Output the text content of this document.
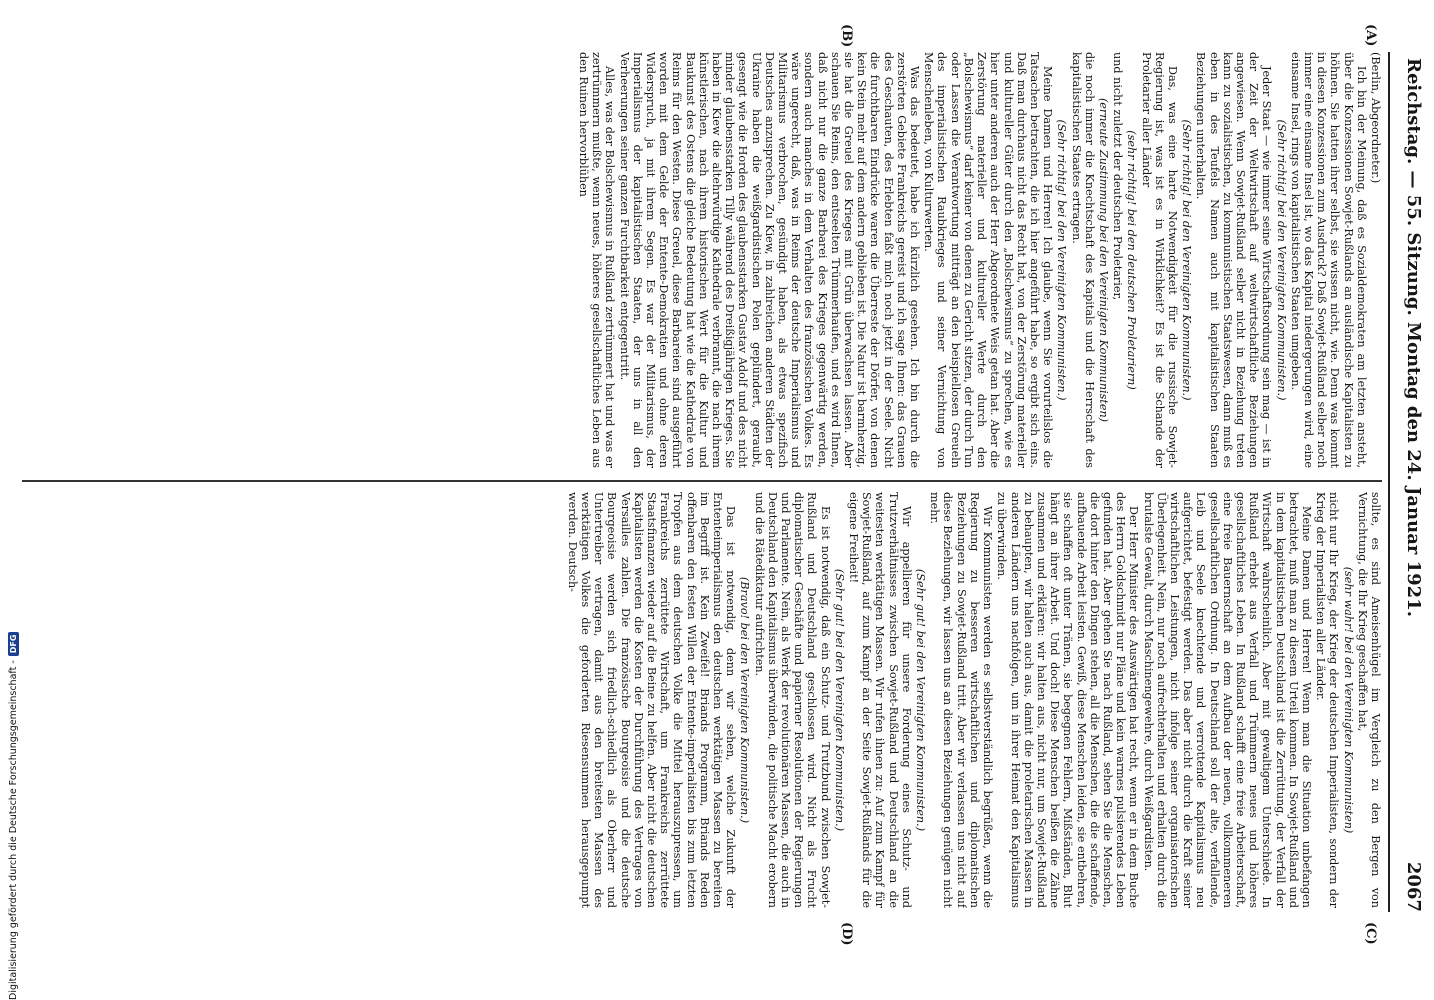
Reichstag. — 55. Sitzung. Montag den 24. Januar 1921.
2067
(A)
(B)
(C)
(D)

(Berlin, Abgeordneter.)

Ich bin der Meinung, daß es Sozialdemokraten am letzten ansteht, über die Konzessionen Sowjet-Rußlands an ausländische Kapitalisten zu höhnen. Sie hatten ihrer selbst, sie wissen nicht, wie. Denn was kommt in diesen Konzessionen zum Ausdruck? Daß Sowjet-Rußland selber noch immer eine einsame Insel ist, wo das Kapital niedergerungen wird, eine einsame Insel, rings von kapitalistischen Staaten umgeben.

(Sehr richtig! bei den Vereinigten Kommunisten.)

Jeder Staat — wie immer seine Wirtschaftsordnung sein mag — ist in der Zeit der Weltwirtschaft auf weltwirtschaftliche Beziehungen angewiesen. Wenn Sowjet-Rußland selber nicht in Beziehung treten kann zu sozialistischen, zu kommunistischen Staatswesen, dann muß es eben in des Teufels Namen auch mit kapitalistischen Staaten Beziehungen unterhalten.

(Sehr richtig! bei den Vereinigten Kommunisten.)

Das, was eine harte Notwendigkeit für die russische Sowjet-Regierung ist, was ist es in Wirklichkeit? Es ist die Schande der Proletarier aller Länder

(sehr richtig! bei den deutschen Proletariern)

und nicht zuletzt der deutschen Proletarier,

(erneute Zustimmung bei den Vereinigten Kommunisten)

die noch immer die Knechtschaft des Kapitals und die Herrschaft des kapitalistischen Staates ertragen.

(Sehr richtig! bei den Vereinigten Kommunisten.)

Meine Damen und Herren! Ich glaube, wenn Sie vorurteilslos die Tatsachen betrachten, die ich hier angeführt habe, so ergibt sich eins. Daß man durchaus nicht das Recht hat, von der Zerstörung materieller und kultureller Güter durch den „Bolschewismus“ zu sprechen, wie es hier unter anderen auch der Herr Abgeordnete Weis getan hat. Aber die Zerstörung materieller und kultureller Werte durch den „Bolschewismus“ darf keiner von denen zu Gericht sitzen, der durch Tun oder Lassen die Verantwortung mitträgt an den beispiellosen Greueln des imperialistischen Raubkrieges und seiner Vernichtung von Menschenleben, von Kulturwerten.

Was das bedeutet, habe ich kürzlich gesehen. Ich bin durch die zerstörten Gebiete Frankreichs gereist und ich sage Ihnen: das Grauen des Geschauten, des Erlebten faßt mich noch jetzt in der Seele. Nicht die furchtbaren Eindrücke waren die Überreste der Dörfer, von denen kein Stein mehr auf dem andern geblieben ist. Die Natur ist barmherzig, sie hat die Greuel des Krieges mit Grün überwachsen lassen. Aber schauen Sie Reims, den entseelten Trümmerhaufen, und es wird Ihnen, daß nicht nur die ganze Barbarei des Krieges gegenwärtig werden, sondern auch manches in dem Verhalten des französischen Volkes. Es wäre ungerecht, daß, was in Reims der deutsche Imperialismus und Militarismus verbrochen, gesündigt haben, als etwas spezifisch Deutsches anzusprechen. Zu Kiew, in zahlreichen anderen Städten der Ukraine haben die weißgardistischen Polen geplündert, geraubt, gesengt wie die Horden des glaubensstarken Gustav Adolf und des nicht minder glaubensstarken Tilly während des Dreißigjährigen Krieges. Sie haben in Kiew die altehrwürdige Kathedrale verbrannt, die nach ihrem künstlerischen, nach ihrem historischen Wert für die Kultur und Baukunst des Ostens die gleiche Bedeutung hat wie die Kathedrale von Reims für den Westen. Diese Greuel, diese Barbareien sind ausgeführt worden mit dem Gelde der Entente-Demokratien und ohne deren Widerspruch, ja mit ihrem Segen. Es war der Militarismus, der Imperialismus der kapitalistischen Staaten, der uns in all den Verheerungen seiner ganzen Furchtbarkeit entgegentritt.

Alles, was der Bolschewismus in Rußland zertrümmert hat und was er zertrümmern mußte, wenn neues, höheres gesellschaftliches Leben aus den Ruinen hervorblühen

sollte, es sind Ameisenhügel im Vergleich zu den Bergen von Vernichtung, die Ihr Krieg geschaffen hat,

(sehr wahr! bei den Vereinigten Kommunisten)

nicht nur Ihr Krieg, der Krieg der deutschen Imperialisten, sondern der Krieg der Imperialisten aller Länder.

Meine Damen und Herren! Wenn man die Situation unbefangen betrachtet, muß man zu diesem Urteil kommen. In Sowjet-Rußland und in dem kapitalistischen Deutschland ist die Zerrüttung, der Verfall der Wirtschaft wahrscheinlich. Aber mit gewaltigem Unterschiede. In Rußland erhebt aus Verfall und Trümmern neues und höheres gesellschaftliches Leben. In Rußland schafft eine freie Arbeiterschaft, eine freie Bauernschaft an dem Aufbau der neuen, vollkommeneren gesellschaftlichen Ordnung. In Deutschland soll der alte, verfallende, Leib und Seele knechtende und verrottende Kapitalismus neu aufgerichtet, befestigt werden. Das aber nicht durch die Kraft seiner wirtschaftlichen Leistungen, nicht infolge seiner organisatorischen Überlegenheit. Nein, nur noch aufrechterhalten und erhalten durch die brutalste Gewalt, durch Maschinengewehre, durch Weißgardisten.

Der Herr Minister des Auswärtigen hat recht, wenn er in dem Buche des Herrn Goldschmidt nur Pläne und kein warmes pulsierendes Leben gefunden hat. Aber gehen Sie nach Rußland, sehen Sie die Menschen, die dort hinter den Dingen stehen, all die Menschen, die die schaffende, aufbauende Arbeit leisten. Gewiß, diese Menschen leiden, sie entbehren, sie schaffen oft unter Tränen, sie begegnen Fehlern, Mißständen, Blut hängt an ihrer Arbeit. Und doch! Diese Menschen beißen die Zähne zusammen und erklären: wir halten aus, nicht nur, um Sowjet-Rußland zu behaupten, wir halten auch aus, damit die proletarischen Massen in anderen Ländern uns nachfolgen, um in ihrer Heimat den Kapitalismus zu überwinden.

Wir Kommunisten werden es selbstverständlich begrüßen, wenn die Regierung zu besseren wirtschaftlichen und diplomatischen Beziehungen zu Sowjet-Rußland tritt. Aber wir verlassen uns nicht auf diese Beziehungen, wir lassen uns an diesen Beziehungen genügen nicht mehr.

(Sehr gut! bei den Vereinigten Kommunisten.)

Wir appellieren für unsere Forderung eines Schutz- und Trutzverhältnisses zwischen Sowjet-Rußland und Deutschland an die weitesten werktätigen Massen. Wir rufen ihnen zu: Auf zum Kampf für Sowjet-Rußland, auf zum Kampf an der Seite Sowjet-Rußlands für die eigene Freiheit!

(Sehr gut! bei den Vereinigten Kommunisten.)

Es ist notwendig, daß ein Schutz- und Trutzbund zwischen Sowjet-Rußland und Deutschland geschlossen wird. Nicht als Frucht diplomatischer Geschäfte und papierner Resolutionen der Regierungen und Parlamente. Nein, als Werk der revolutionären Massen, die auch in Deutschland den Kapitalismus überwinden, die politische Macht erobern und die Rätediktatur aufrichten.

(Bravo! bei den Vereinigten Kommunisten.)

Das ist notwendig, denn wir sehen, welche Zukunft der Ententeimperialismus den deutschen werktätigen Massen zu bereiten im Begriff ist. Kein Zweifel! Briands Programm, Briands Reden offenbaren den festen Willen der Entente-imperialisten bis zum letzten Tropfen aus dem deutschen Volke die Mittel herauszupressen, um Frankreichs zerrüttete Wirtschaft, um Frankreichs zerrüttete Staatsfinanzen wieder auf die Beine zu helfen. Aber nicht die deutschen Kapitalisten werden die Kosten der Durchführung des Vertrages von Versailles zahlen. Die französische Bourgeoisie und die deutsche Bourgeoisie werden sich friedlich-schiedlich als Oberherr und Untertreiber vertragen, damit aus den breitesten Massen des werktätigen Volkes die geforderten Riesensummen herausgepumpt werden. Deutsch-

Digitalisierung gefördert durch die Deutsche Forschungsgemeinschaft -
DFG
